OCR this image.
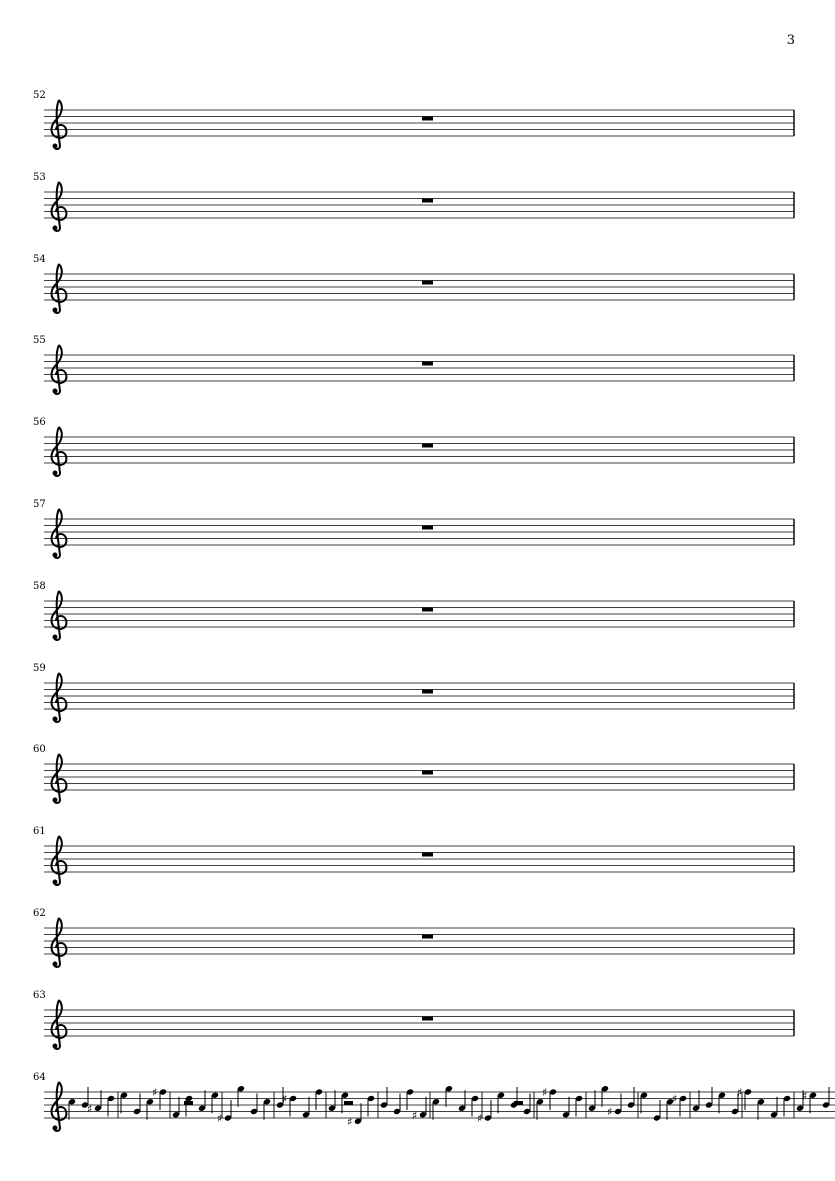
3
52
53
54
55
56
57
58
59
60
61
62
63
64
♯
♯
♯
♯
♯	♯	♯
♯
♯
♯	♯	♯
